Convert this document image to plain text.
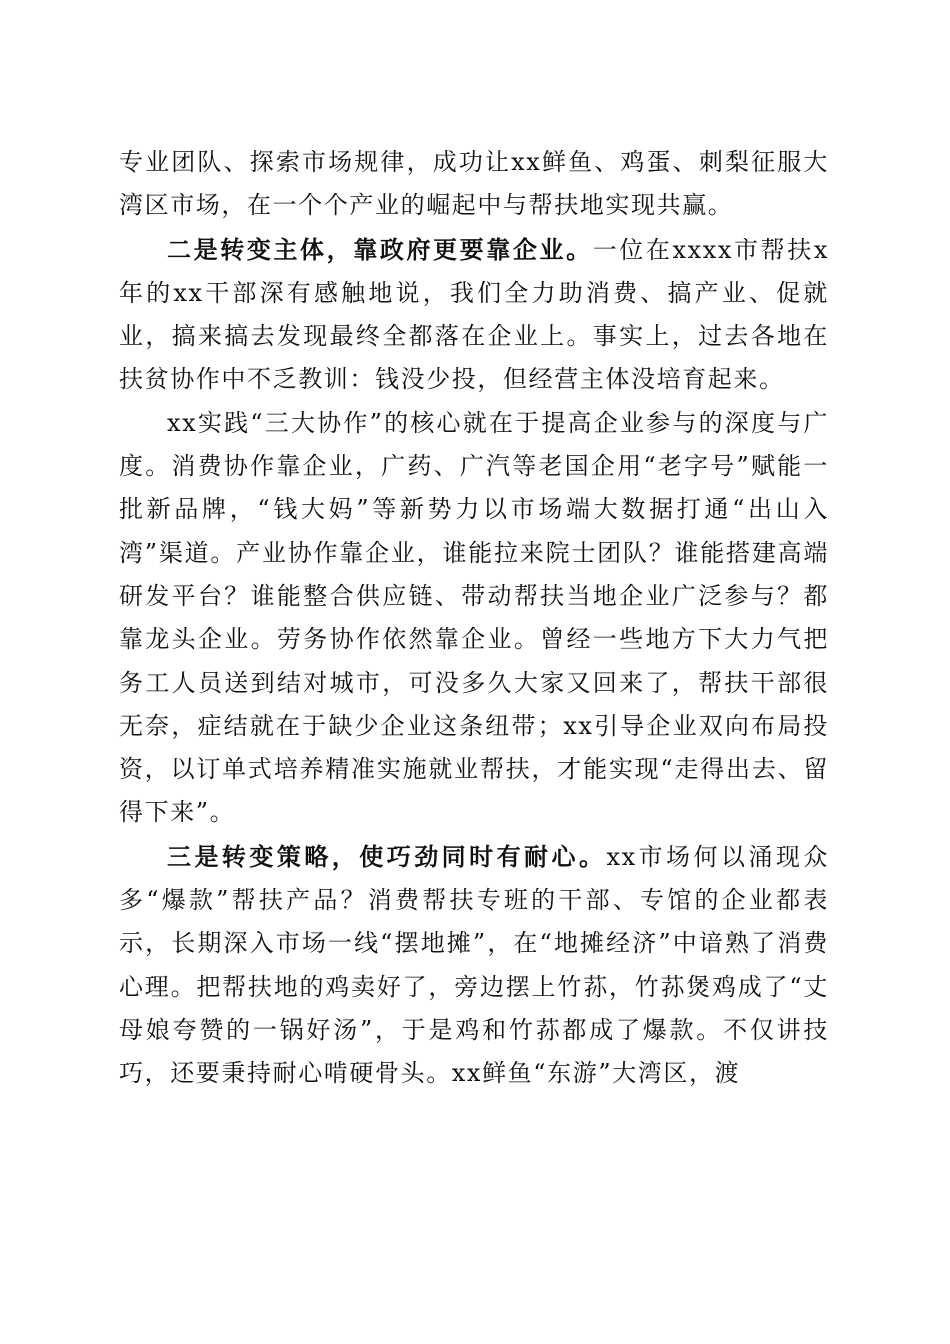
专业团队、探索市场规律，成功让xx鲜鱼、鸡蛋、刺梨征服大湾区市场，在一个个产业的崛起中与帮扶地实现共赢。

二是转变主体，靠政府更要靠企业。一位在xxxx市帮扶x年的xx干部深有感触地说，我们全力助消费、搞产业、促就业，搞来搞去发现最终全都落在企业上。事实上，过去各地在扶贫协作中不乏教训：钱没少投，但经营主体没培育起来。

xx实践“三大协作”的核心就在于提高企业参与的深度与广度。消费协作靠企业，广药、广汽等老国企用“老字号”赋能一批新品牌，“钱大妈”等新势力以市场端大数据打通“出山入湾”渠道。产业协作靠企业，谁能拉来院士团队？谁能搭建高端研发平台？谁能整合供应链、带动帮扶当地企业广泛参与？都靠龙头企业。劳务协作依然靠企业。曾经一些地方下大力气把务工人员送到结对城市，可没多久大家又回来了，帮扶干部很无奈，症结就在于缺少企业这条纽带；xx引导企业双向布局投资，以订单式培养精准实施就业帮扶，才能实现“走得出去、留得下来”。

三是转变策略，使巧劲同时有耐心。xx市场何以涌现众多“爆款”帮扶产品？消费帮扶专班的干部、专馆的企业都表示，长期深入市场一线“摆地摊”，在“地摊经济”中谙熟了消费心理。把帮扶地的鸡卖好了，旁边摆上竹荪，竹荪煲鸡成了“丈母娘夸赞的一锅好汤”，于是鸡和竹荪都成了爆款。不仅讲技巧，还要秉持耐心啃硬骨头。xx鲜鱼“东游”大湾区，渡
